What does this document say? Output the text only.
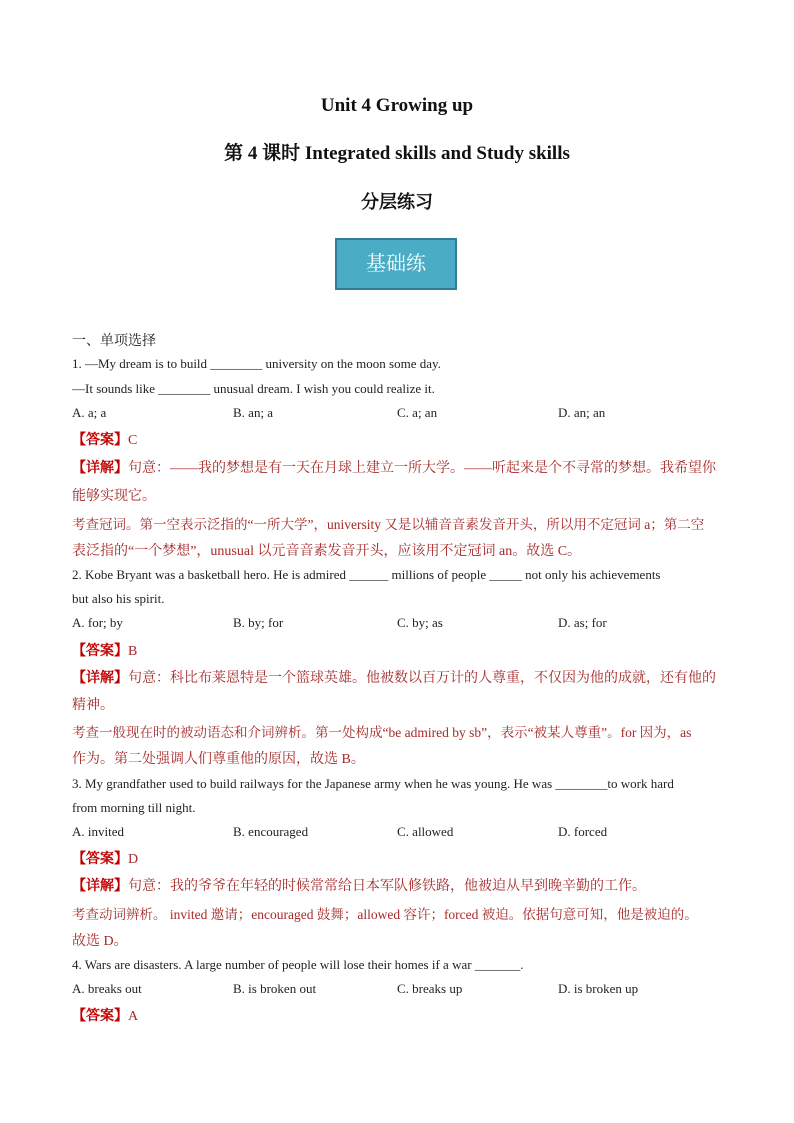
Unit 4 Growing up
第 4 课时 Integrated skills and Study skills
分层练习
基础练
一、单项选择
1. —My dream is to build ________ university on the moon some day.
—It sounds like ________ unusual dream. I wish you could realize it.
A. a; a	B. an; a	C. a; an	D. an; an
【答案】C
【详解】句意：——我的梦想是有一天在月球上建立一所大学。——听起来是个不寻常的梦想。我希望你
能够实现它。
考查冠词。第一空表示泛指的“一所大学”，university 又是以辅音音素发音开头，所以用不定冠词 a；第二空
表泛指的“一个梦想”，unusual 以元音音素发音开头，应该用不定冠词 an。故选 C。
2. Kobe Bryant was a basketball hero. He is admired ______ millions of people _____ not only his achievements
but also his spirit.
A. for; by	B. by; for	C. by; as	D. as; for
【答案】B
【详解】句意：科比布莱恩特是一个篮球英雄。他被数以百万计的人尊重，不仅因为他的成就，还有他的
精神。
考查一般现在时的被动语态和介词辨析。第一处构成“be admired by sb”，表示“被某人尊重”。for 因为，as
作为。第二处强调人们尊重他的原因，故选 B。
3. My grandfather used to build railways for the Japanese army when he was young. He was ________to work hard
from morning till night.
A. invited	B. encouraged	C. allowed	D. forced
【答案】D
【详解】句意：我的爷爷在年轻的时候常常给日本军队修铁路，他被迫从早到晚辛勤的工作。
考查动词辨析。 invited 邀请；encouraged 鼓舞；allowed 容许；forced 被迫。依据句意可知，他是被迫的。
故选 D。
4. Wars are disasters. A large number of people will lose their homes if a war _______.
A. breaks out	B. is broken out	C. breaks up	D. is broken up
【答案】A
